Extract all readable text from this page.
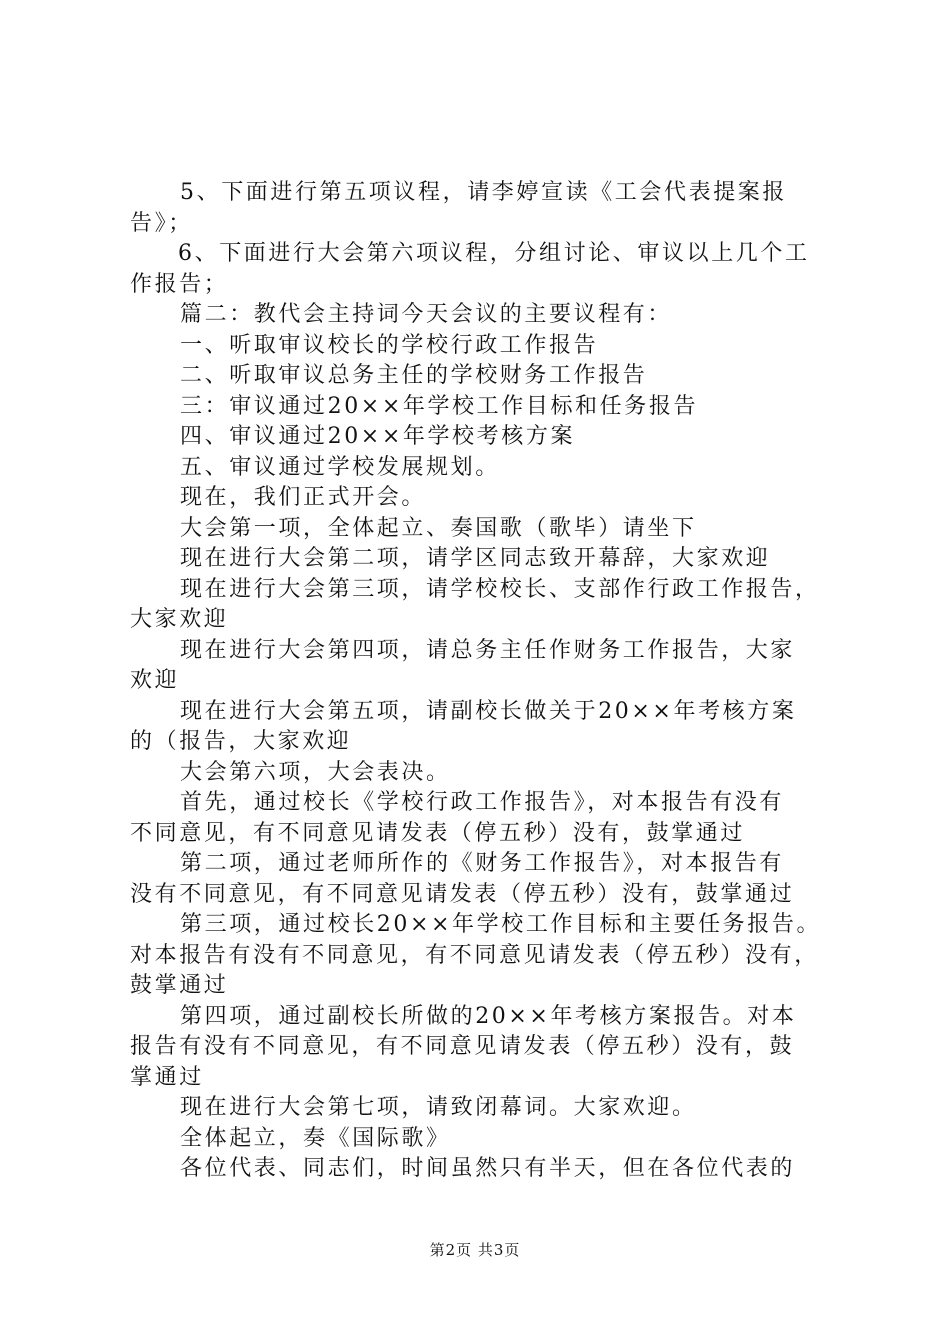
5、下面进行第五项议程，请李婷宣读《工会代表提案报
告》；
6、下面进行大会第六项议程，分组讨论、审议以上几个工
作报告；
篇二：教代会主持词今天会议的主要议程有：
一、听取审议校长的学校行政工作报告
二、听取审议总务主任的学校财务工作报告
三：审议通过20××年学校工作目标和任务报告
四、审议通过20××年学校考核方案
五、审议通过学校发展规划。
现在，我们正式开会。
大会第一项，全体起立、奏国歌（歌毕）请坐下
现在进行大会第二项，请学区同志致开幕辞，大家欢迎
现在进行大会第三项，请学校校长、支部作行政工作报告，
大家欢迎
现在进行大会第四项，请总务主任作财务工作报告，大家
欢迎
现在进行大会第五项，请副校长做关于20××年考核方案
的（报告，大家欢迎
大会第六项，大会表决。
首先，通过校长《学校行政工作报告》，对本报告有没有
不同意见，有不同意见请发表（停五秒）没有，鼓掌通过
第二项，通过老师所作的《财务工作报告》，对本报告有
没有不同意见，有不同意见请发表（停五秒）没有，鼓掌通过
第三项，通过校长20××年学校工作目标和主要任务报告。
对本报告有没有不同意见，有不同意见请发表（停五秒）没有，
鼓掌通过
第四项，通过副校长所做的20××年考核方案报告。对本
报告有没有不同意见，有不同意见请发表（停五秒）没有，鼓
掌通过
现在进行大会第七项，请致闭幕词。大家欢迎。
全体起立，奏《国际歌》
各位代表、同志们，时间虽然只有半天，但在各位代表的
第2页 共3页
